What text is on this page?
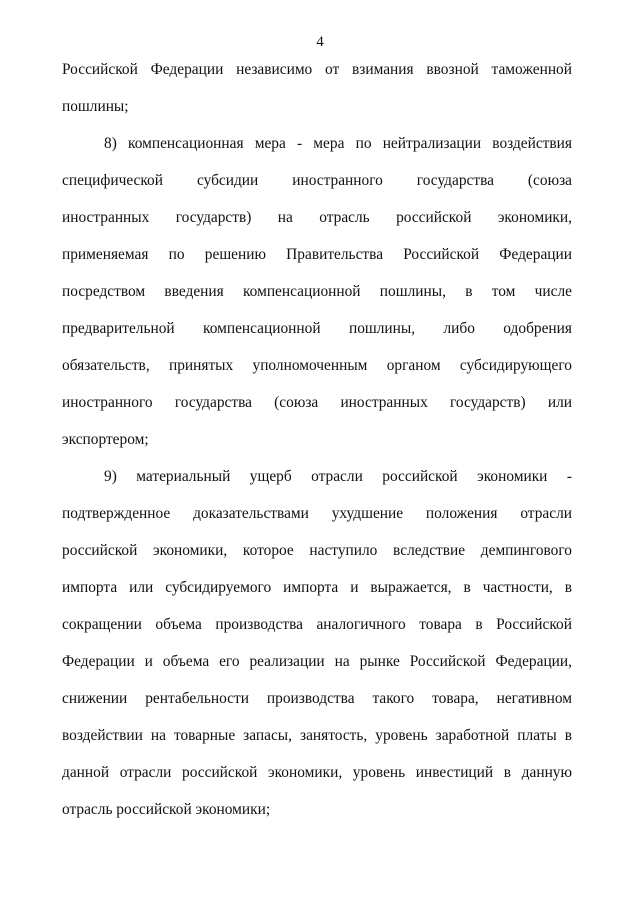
4
Российской Федерации независимо от взимания ввозной таможенной
пошлины;
8) компенсационная мера - мера по нейтрализации воздействия
специфической субсидии иностранного государства (союза
иностранных государств) на отрасль российской экономики,
применяемая по решению Правительства Российской Федерации
посредством введения компенсационной пошлины, в том числе
предварительной компенсационной пошлины, либо одобрения
обязательств, принятых уполномоченным органом субсидирующего
иностранного государства (союза иностранных государств) или
экспортером;
9) материальный ущерб отрасли российской экономики -
подтвержденное доказательствами ухудшение положения отрасли
российской экономики, которое наступило вследствие демпингового
импорта или субсидируемого импорта и выражается, в частности, в
сокращении объема производства аналогичного товара в Российской
Федерации и объема его реализации на рынке Российской Федерации,
снижении рентабельности производства такого товара, негативном
воздействии на товарные запасы, занятость, уровень заработной платы в
данной отрасли российской экономики, уровень инвестиций в данную
отрасль российской экономики;
